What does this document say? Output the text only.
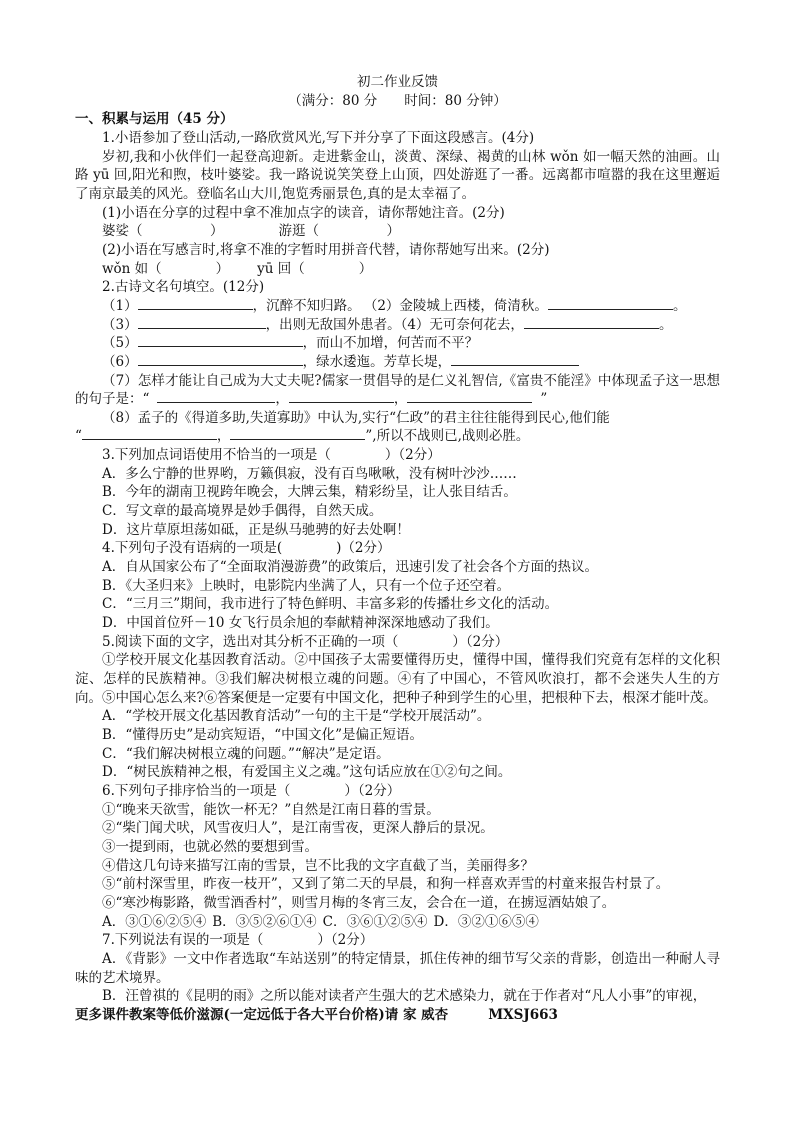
初二作业反馈

（满分：80 分　　时间：80 分钟）

一、积累与运用（45 分）

1.小语参加了登山活动,一路欣赏风光,写下并分享了下面这段感言。(4分)

岁初,我和小伙伴们一起登高迎新。走进紫金山，淡黄、深绿、褐黄的山林 wǒn 如一幅天然的油画。山路 yū 回,阳光和煦，枝叶婆娑。我一路说说笑笑登上山顶，四处游逛了一番。远离都市喧嚣的我在这里邂逅了南京最美的风光。登临名山大川,饱览秀丽景色,真的是太幸福了。

(1)小语在分享的过程中拿不准加点字的读音，请你帮她注音。(2分)

婆娑（　　　　　）	游逛（　　　　　）

(2)小语在写感言时,将拿不准的字暂时用拼音代替，请你帮她写出来。(2分)

wǒn 如（　　　　） yū 回（　　　　）

2.古诗文名句填空。(12分)

（1）	，沉醉不知归路。 （2）金陵城上西楼，倚清秋。	。

（3）	，出则无敌国外患者。（4）无可奈何花去，	。

（5）	，而山不加增，何苦而不平？

（6）	，绿水逶迤。芳草长堤，

（7）怎样才能让自己成为大丈夫呢?儒家一贯倡导的是仁义礼智信,《富贵不能淫》中体现孟子这一思想的句子是：“	，	，	”

（8）孟子的《得道多助,失道寡助》中认为,实行“仁政”的君主往往能得到民心,他们能
“	，	”,所以不战则已,战则必胜。

3.下列加点词语使用不恰当的一项是（　　　　）（2分）

A．多么宁静的世界哟，万籁俱寂，没有百鸟啾啾，没有树叶沙沙……

B．今年的湖南卫视跨年晚会，大牌云集，精彩纷呈，让人张目结舌。

C．写文章的最高境界是妙手偶得，自然天成。

D．这片草原坦荡如砥，正是纵马驰骋的好去处啊！

4.下列句子没有语病的一项是(　　　　)（2分）

A．自从国家公布了“全面取消漫游费”的政策后，迅速引发了社会各个方面的热议。

B．《大圣归来》上映时，电影院内坐满了人，只有一个位子还空着。

C．“三月三”期间，我市进行了特色鲜明、丰富多彩的传播壮乡文化的活动。

D．中国首位歼－10 女飞行员余旭的奉献精神深深地感动了我们。

5.阅读下面的文字，选出对其分析不正确的一项（　　　　）（2分）

①学校开展文化基因教育活动。②中国孩子太需要懂得历史，懂得中国，懂得我们究竟有怎样的文化积淀、怎样的民族精神。③我们解决树根立魂的问题。④有了中国心，不管风吹浪打，都不会迷失人生的方向。⑤中国心怎么来?⑥答案便是一定要有中国文化，把种子种到学生的心里，把根种下去，根深才能叶茂。

A．“学校开展文化基因教育活动”一句的主干是“学校开展活动”。

B．“懂得历史”是动宾短语，“中国文化”是偏正短语。

C．“我们解决树根立魂的问题。”“解决”是定语。

D．“树民族精神之根，有爱国主义之魂。”这句话应放在①②句之间。

6.下列句子排序恰当的一项是（　　　　）（2分）

①“晚来天欲雪，能饮一杯无？”自然是江南日暮的雪景。

②“柴门闻犬吠，风雪夜归人”，是江南雪夜，更深人静后的景况。

③一提到雨，也就必然的要想到雪。

④借这几句诗来描写江南的雪景，岂不比我的文字直截了当，美丽得多？

⑤“前村深雪里，昨夜一枝开”，又到了第二天的早晨，和狗一样喜欢弄雪的村童来报告村景了。

⑥“寒沙梅影路，微雪酒香村”，则雪月梅的冬宵三友，会合在一道，在掳逗酒姑娘了。

A．③①⑥②⑤④ B．③⑤②⑥①④ C．③⑥①②⑤④ D．③②①⑥⑤④

7.下列说法有误的一项是（　　　　）（2分）

A．《背影》一文中作者选取“车站送别”的特定情景，抓住传神的细节写父亲的背影，创造出一种耐人寻味的艺术境界。

B．汪曾祺的《昆明的雨》之所以能对读者产生强大的艺术感染力，就在于作者对“凡人小事”的审视，

更多课件教案等低价滋源(一定远低于各大平台价格)请 家 威杏	MXSJ663
